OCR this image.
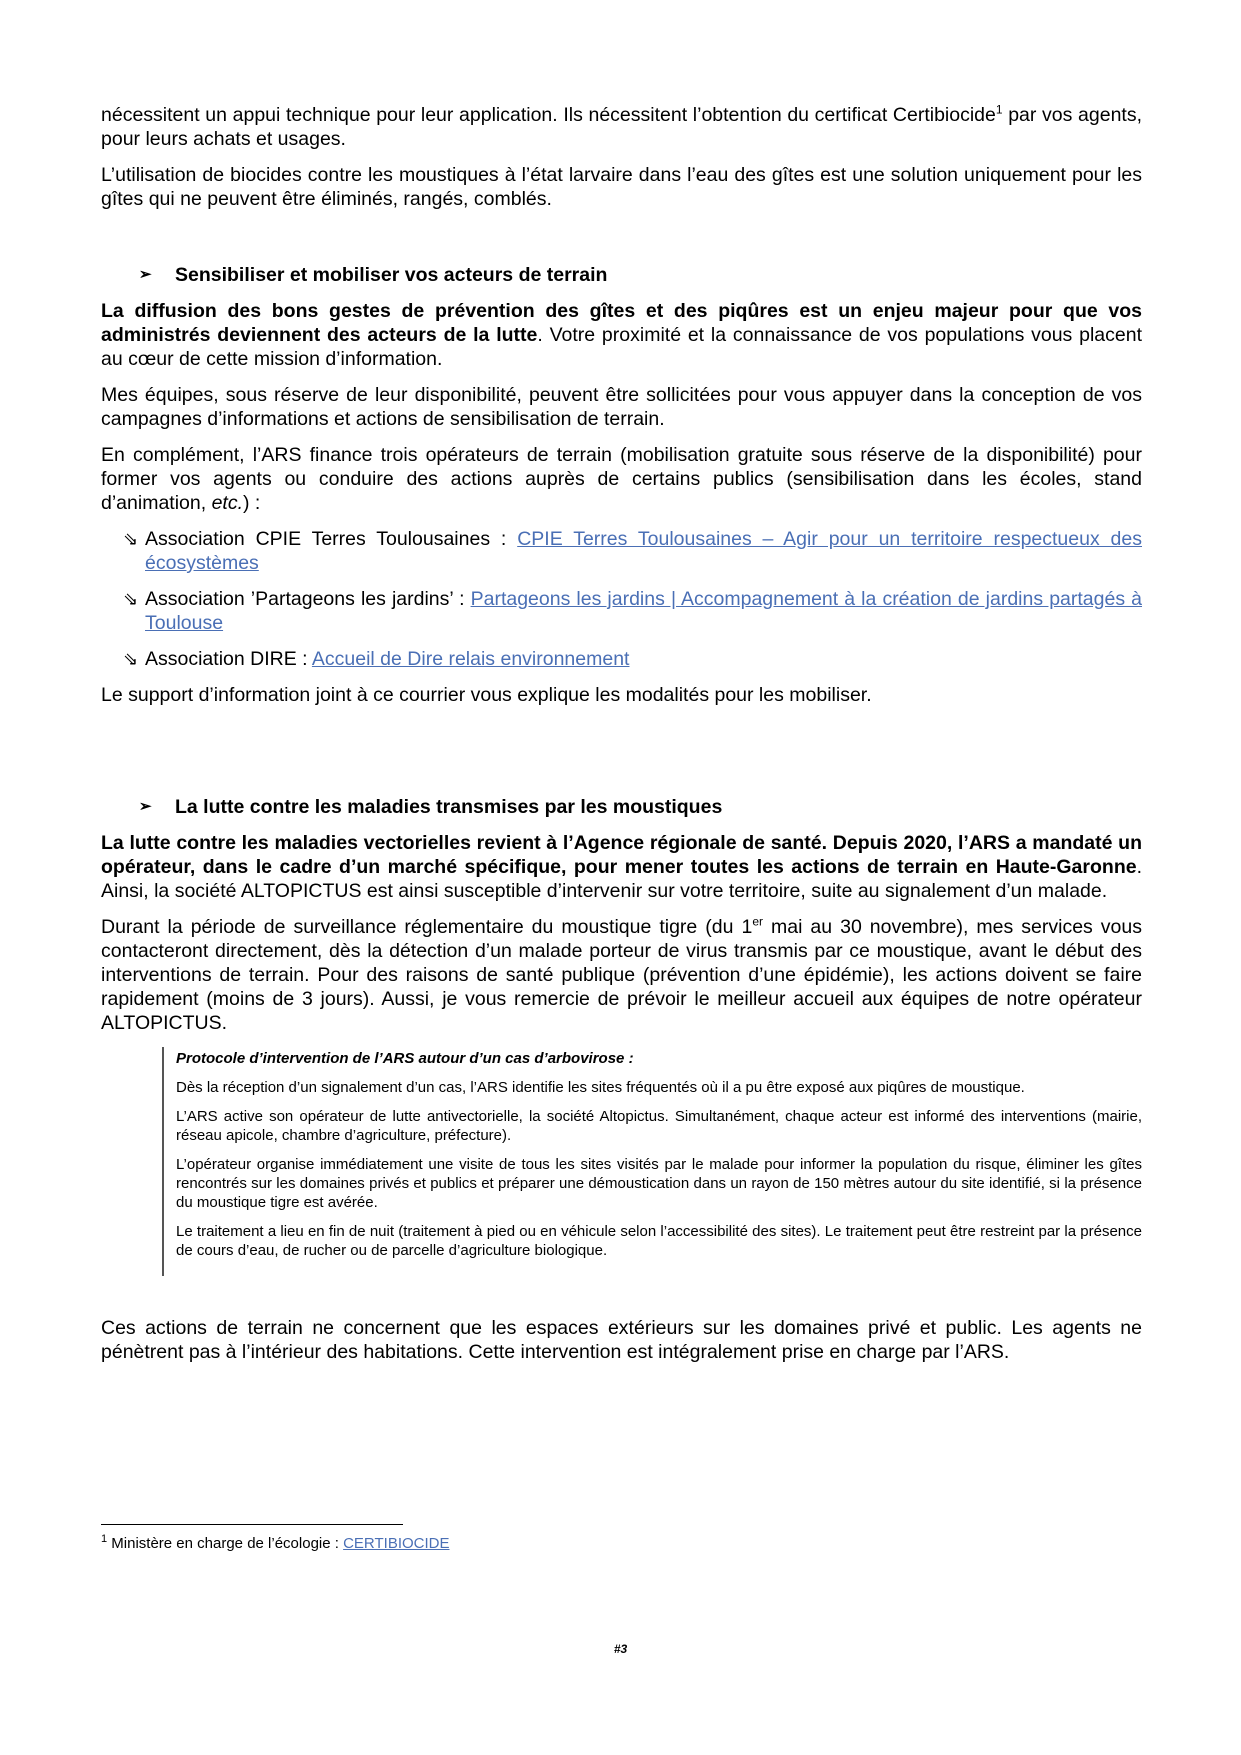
nécessitent un appui technique pour leur application. Ils nécessitent l’obtention du certificat Certibiocide$^1$ par vos agents, pour leurs achats et usages.

L’utilisation de biocides contre les moustiques à l’état larvaire dans l’eau des gîtes est une solution uniquement pour les gîtes qui ne peuvent être éliminés, rangés, comblés.

➢	Sensibiliser et mobiliser vos acteurs de terrain

La diffusion des bons gestes de prévention des gîtes et des piqûres est un enjeu majeur pour que vos administrés deviennent des acteurs de la lutte. Votre proximité et la connaissance de vos populations vous placent au cœur de cette mission d’information.

Mes équipes, sous réserve de leur disponibilité, peuvent être sollicitées pour vous appuyer dans la conception de vos campagnes d’informations et actions de sensibilisation de terrain.

En complément, l’ARS finance trois opérateurs de terrain (mobilisation gratuite sous réserve de la disponibilité) pour former vos agents ou conduire des actions auprès de certains publics (sensibilisation dans les écoles, stand d’animation, etc.) :

⇘ Association CPIE Terres Toulousaines : CPIE Terres Toulousaines – Agir pour un territoire respectueux des écosystèmes

⇘ Association ’Partageons les jardins’ : Partageons les jardins | Accompagnement à la création de jardins partagés à Toulouse

⇘ Association DIRE : Accueil de Dire relais environnement

Le support d’information joint à ce courrier vous explique les modalités pour les mobiliser.

➢	La lutte contre les maladies transmises par les moustiques

La lutte contre les maladies vectorielles revient à l’Agence régionale de santé. Depuis 2020, l’ARS a mandaté un opérateur, dans le cadre d’un marché spécifique, pour mener toutes les actions de terrain en Haute-Garonne. Ainsi, la société ALTOPICTUS est ainsi susceptible d’intervenir sur votre territoire, suite au signalement d’un malade.

Durant la période de surveillance réglementaire du moustique tigre (du 1er mai au 30 novembre), mes services vous contacteront directement, dès la détection d’un malade porteur de virus transmis par ce moustique, avant le début des interventions de terrain. Pour des raisons de santé publique (prévention d’une épidémie), les actions doivent se faire rapidement (moins de 3 jours). Aussi, je vous remercie de prévoir le meilleur accueil aux équipes de notre opérateur ALTOPICTUS.

Protocole d’intervention de l’ARS autour d’un cas d’arbovirose :

Dès la réception d’un signalement d’un cas, l’ARS identifie les sites fréquentés où il a pu être exposé aux piqûres de moustique.

L’ARS active son opérateur de lutte antivectorielle, la société Altopictus. Simultanément, chaque acteur est informé des interventions (mairie, réseau apicole, chambre d’agriculture, préfecture).

L’opérateur organise immédiatement une visite de tous les sites visités par le malade pour informer la population du risque, éliminer les gîtes rencontrés sur les domaines privés et publics et préparer une démoustication dans un rayon de 150 mètres autour du site identifié, si la présence du moustique tigre est avérée.

Le traitement a lieu en fin de nuit (traitement à pied ou en véhicule selon l’accessibilité des sites). Le traitement peut être restreint par la présence de cours d’eau, de rucher ou de parcelle d’agriculture biologique.

Ces actions de terrain ne concernent que les espaces extérieurs sur les domaines privé et public. Les agents ne pénètrent pas à l’intérieur des habitations. Cette intervention est intégralement prise en charge par l’ARS.

$^1$ Ministère en charge de l’écologie : CERTIBIOCIDE
#3
